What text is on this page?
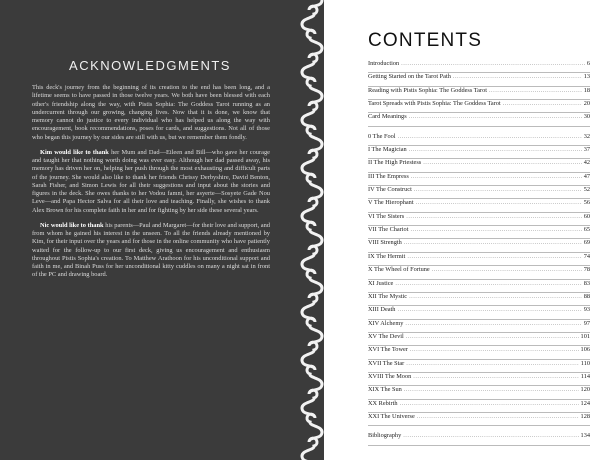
ACKNOWLEDGMENTS

This deck's journey from the beginning of its creation to the end has been long, and a lifetime seems to have passed in those twelve years. We both have been blessed with each other's friendship along the way, with Pistis Sophia: The Goddess Tarot running as an undercurrent through our growing, changing lives. Now that it is done, we know that memory cannot do justice to every individual who has helped us along the way with encouragement, book recommendations, poses for cards, and suggestions. Not all of those who began this journey by our sides are still with us, but we remember them fondly.

Kim would like to thank her Mum and Dad—Eileen and Bill—who gave her courage and taught her that nothing worth doing was ever easy. Although her dad passed away, his memory has driven her on, helping her push through the most exhausting and difficult parts of the journey. She would also like to thank her friends Chrissy Derbyshire, David Benton, Sarah Fisher, and Simon Lewis for all their suggestions and input about the stories and figures in the deck. She owes thanks to her Vodou famni, her asyerte—Sosyete Gade Nou Leve—and Papa Hector Salva for all their love and teaching. Finally, she wishes to thank Alex Brown for his complete faith in her and for fighting by her side these several years.

Nic would like to thank his parents—Paul and Margaret—for their love and support, and from whom he gained his interest in the unseen. To all the friends already mentioned by Kim, for their input over the years and for those in the online community who have patiently waited for the follow-up to our first deck, giving us encouragement and enthusiasm throughout Pistis Sophia's creation. To Matthew Arathoon for his unconditional support and faith in me, and Binah Puss for her unconditional kitty cuddles on many a night sat in front of the PC and drawing board.

CONTENTS
Introduction .....	6
Getting Started on the Tarot Path .....	13
Reading with Pistis Sophia: The Goddess Tarot .....	18
Tarot Spreads with Pistis Sophia: The Goddess Tarot .....	20
Card Meanings .....	30
0 The Fool .....	32
I The Magician .....	37
II The High Priestess .....	42
III The Empress .....	47
IV The Construct .....	52
V The Hierophant .....	56
VI The Sisters .....	60
VII The Chariot .....	65
VIII Strength .....	69
IX The Hermit .....	74
X The Wheel of Fortune .....	78
XI Justice .....	83
XII The Mystic .....	88
XIII Death .....	93
XIV Alchemy .....	97
XV The Devil .....	101
XVI The Tower .....	106
XVII The Star .....	110
XVIII The Moon .....	114
XIX The Sun .....	120
XX Rebirth .....	124
XXI The Universe .....	128
Bibliography .....	134
